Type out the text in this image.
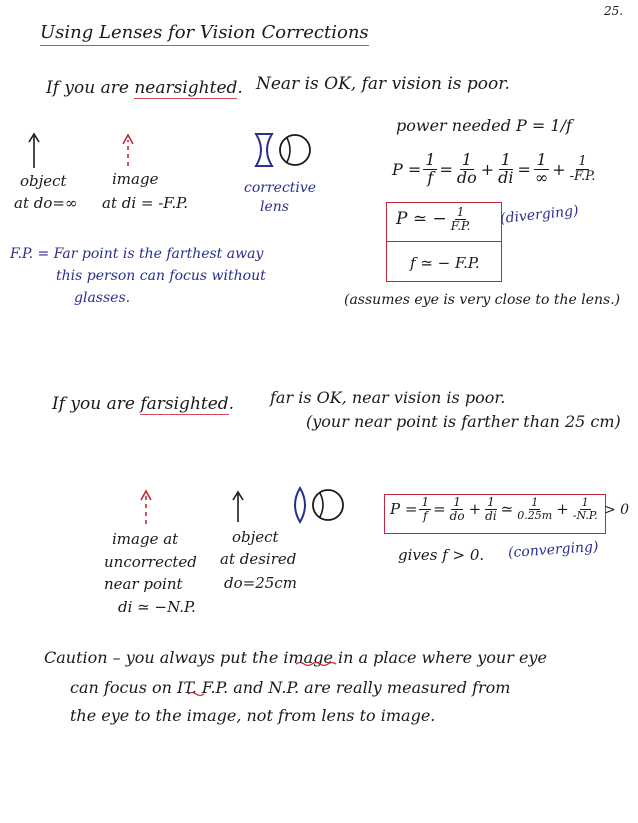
25.
Using Lenses for Vision Corrections
If you are nearsighted. Near is OK, far vision is poor.
object
at do=∞
image
at di = -F.P.
corrective
lens
F.P. = Far point is the farthest away
this person can focus without
glasses.
power needed P = 1/f
$P = \frac{1}{f} = \frac{1}{do} + \frac{1}{di} = \frac{1}{\infty} + \frac{1}{-F.P.}$
P ≃ − $\frac{1}{F.P.}$ (diverging)
f ≃ − F.P.
(assumes eye is very close to the lens.)
If you are farsighted. far is OK, near vision is poor.
(your near point is farther than 25 cm)
image at
uncorrected
near point
di ≃ −N.P.
object
at desired
do=25cm
$P = \frac{1}{f} = \frac{1}{do} + \frac{1}{di}$ ≃ $\frac{1}{0.25m} + \frac{1}{-N.P.} > 0$
gives f > 0. (converging)
Caution – you always put the image in a place where your eye
can focus on IT. F.P. and N.P. are really measured from
the eye to the image, not from lens to image.
